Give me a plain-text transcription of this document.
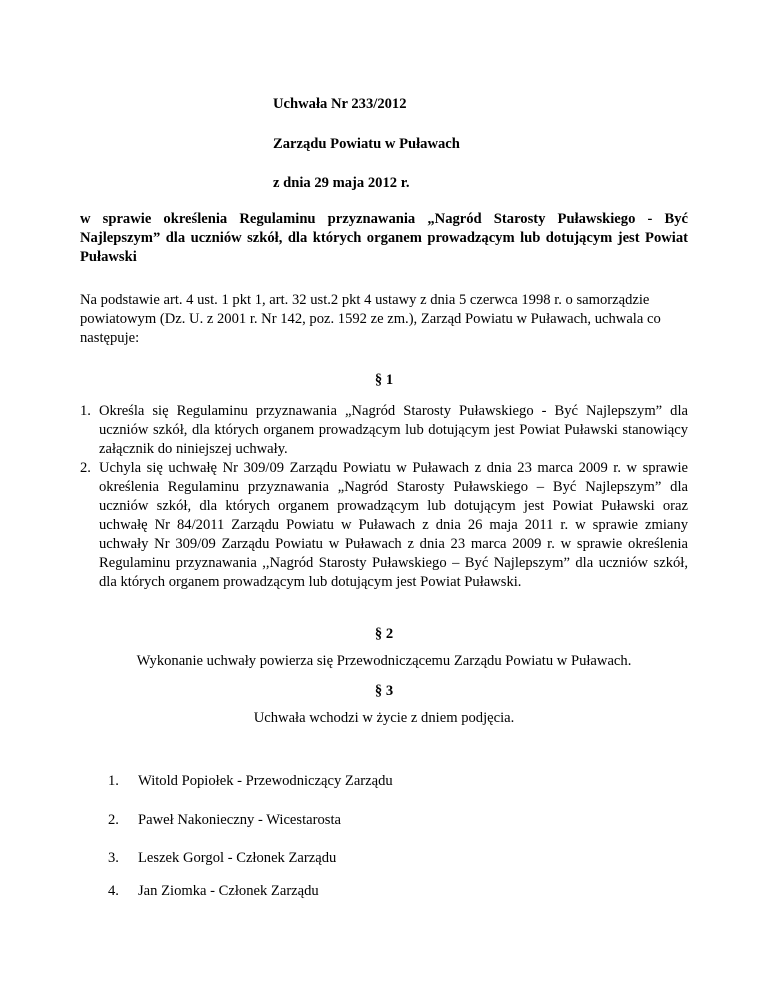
Uchwała Nr 233/2012
Zarządu Powiatu w Puławach
z dnia 29 maja 2012 r.
w sprawie określenia Regulaminu przyznawania „Nagród Starosty Puławskiego - Być Najlepszym” dla uczniów szkół, dla których organem prowadzącym lub dotującym jest Powiat Puławski
Na podstawie art. 4 ust. 1 pkt 1, art. 32 ust.2 pkt 4 ustawy z dnia 5 czerwca 1998 r. o samorządzie powiatowym (Dz. U. z 2001 r. Nr 142, poz. 1592 ze zm.), Zarząd Powiatu w Puławach, uchwala co następuje:
§ 1
1. Określa się Regulaminu przyznawania „Nagród Starosty Puławskiego - Być Najlepszym” dla uczniów szkół, dla których organem prowadzącym lub dotującym jest Powiat Puławski stanowiący załącznik do niniejszej uchwały.
2. Uchyla się uchwałę Nr 309/09 Zarządu Powiatu w Puławach z dnia 23 marca 2009 r. w sprawie określenia Regulaminu przyznawania „Nagród Starosty Puławskiego – Być Najlepszym” dla uczniów szkół, dla których organem prowadzącym lub dotującym jest Powiat Puławski oraz uchwałę Nr 84/2011 Zarządu Powiatu w Puławach z dnia 26 maja 2011 r. w sprawie zmiany uchwały Nr 309/09 Zarządu Powiatu w Puławach z dnia 23 marca 2009 r. w sprawie określenia Regulaminu przyznawania ,,Nagród Starosty Puławskiego – Być Najlepszym” dla uczniów szkół, dla których organem prowadzącym lub dotującym jest Powiat Puławski.
§ 2
Wykonanie uchwały powierza się Przewodniczącemu Zarządu Powiatu w Puławach.
§ 3
Uchwała wchodzi w życie z dniem podjęcia.
1. Witold Popiołek - Przewodniczący Zarządu
2. Paweł Nakonieczny - Wicestarosta
3. Leszek Gorgol - Członek Zarządu
4. Jan Ziomka - Członek Zarządu
